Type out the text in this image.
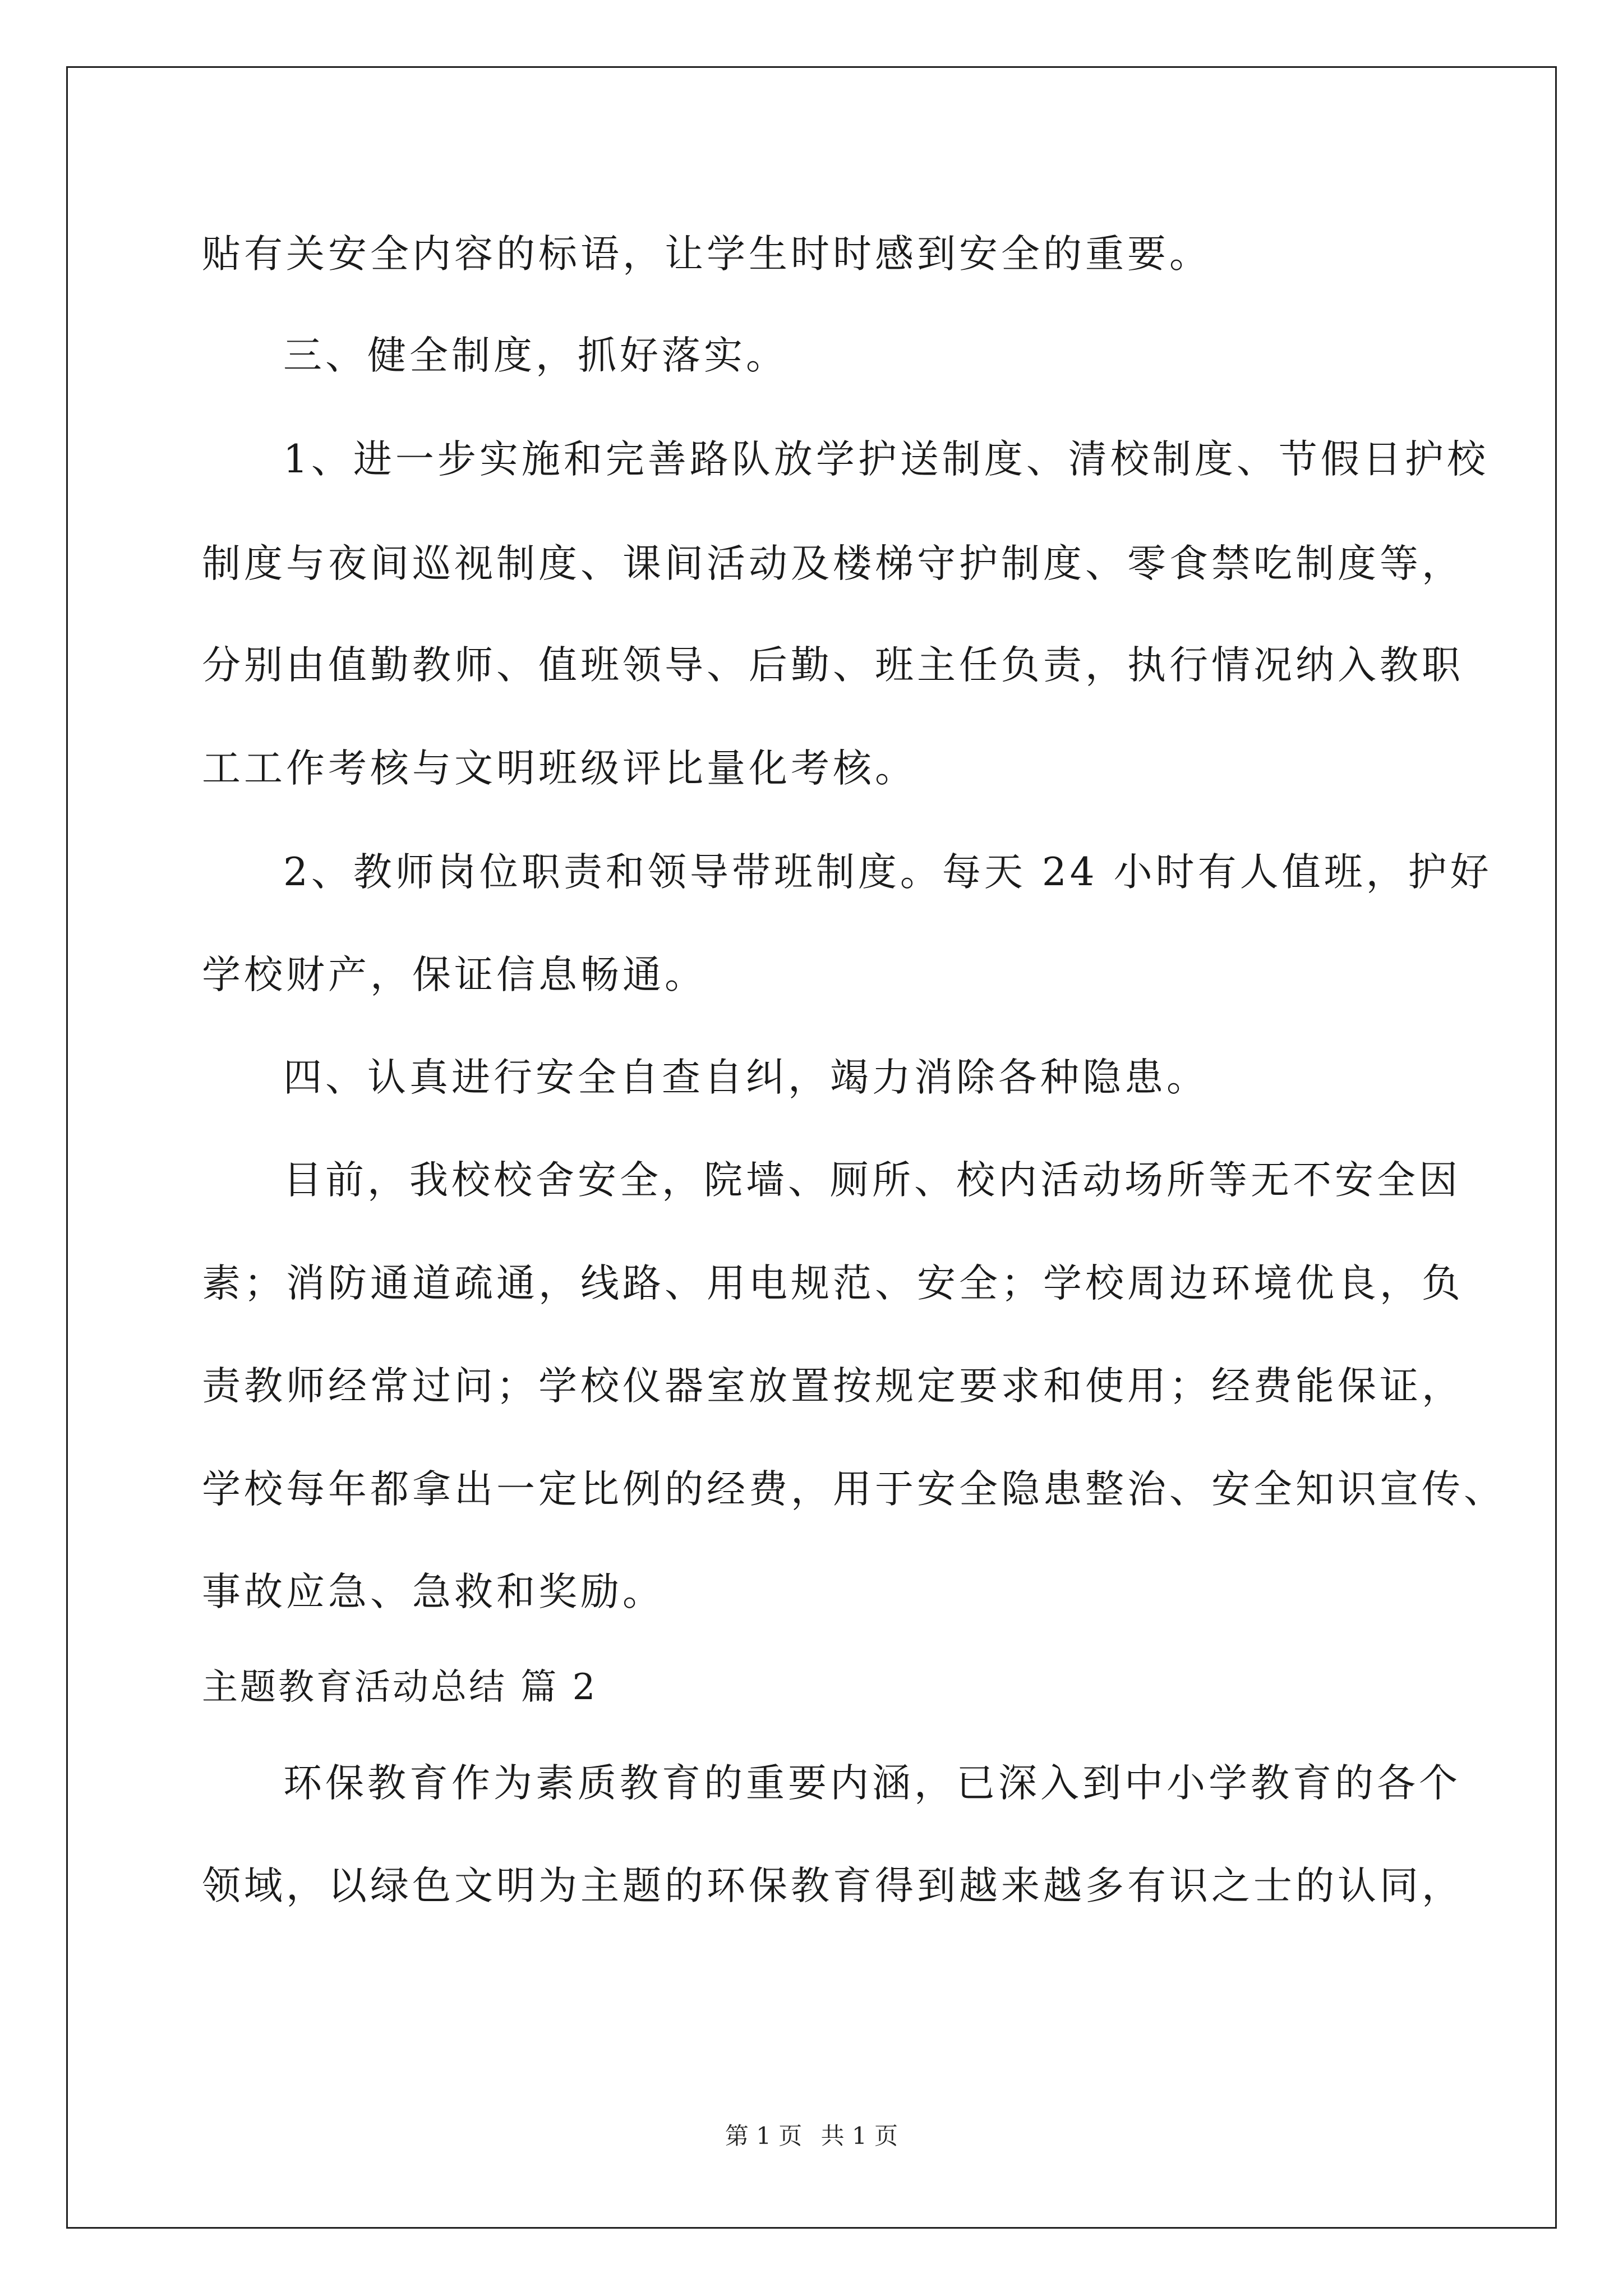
贴有关安全内容的标语，让学生时时感到安全的重要。
三、健全制度，抓好落实。
1、进一步实施和完善路队放学护送制度、清校制度、节假日护校
制度与夜间巡视制度、课间活动及楼梯守护制度、零食禁吃制度等，
分别由值勤教师、值班领导、后勤、班主任负责，执行情况纳入教职
工工作考核与文明班级评比量化考核。
2、教师岗位职责和领导带班制度。每天 24 小时有人值班，护好
学校财产，保证信息畅通。
四、认真进行安全自查自纠，竭力消除各种隐患。
目前，我校校舍安全，院墙、厕所、校内活动场所等无不安全因
素；消防通道疏通，线路、用电规范、安全；学校周边环境优良，负
责教师经常过问；学校仪器室放置按规定要求和使用；经费能保证，
学校每年都拿出一定比例的经费，用于安全隐患整治、安全知识宣传、
事故应急、急救和奖励。
主题教育活动总结 篇 2
环保教育作为素质教育的重要内涵，已深入到中小学教育的各个
领域，以绿色文明为主题的环保教育得到越来越多有识之士的认同，
第 1 页 共 1 页
